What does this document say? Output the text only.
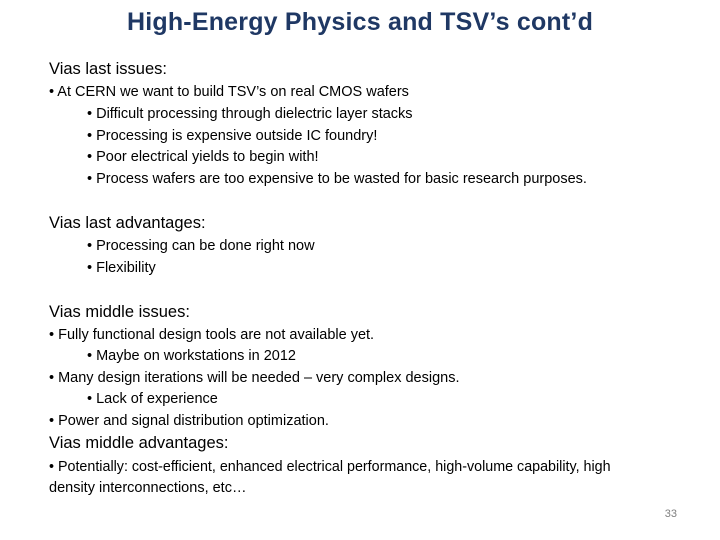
High-Energy Physics and TSV’s cont’d
Vias last issues:
• At CERN we want to build TSV’s on real CMOS wafers
• Difficult processing through dielectric layer stacks
• Processing is expensive outside IC foundry!
• Poor electrical yields to begin with!
• Process wafers are too expensive to be wasted for basic research purposes.
Vias last advantages:
• Processing can be done right now
• Flexibility
Vias middle issues:
• Fully functional design tools are not available yet.
• Maybe on workstations in 2012
• Many design iterations will be needed – very complex designs.
• Lack of experience
• Power and signal distribution optimization.
Vias middle advantages:
• Potentially: cost-efficient, enhanced electrical performance, high-volume capability, high
density interconnections, etc…
33
